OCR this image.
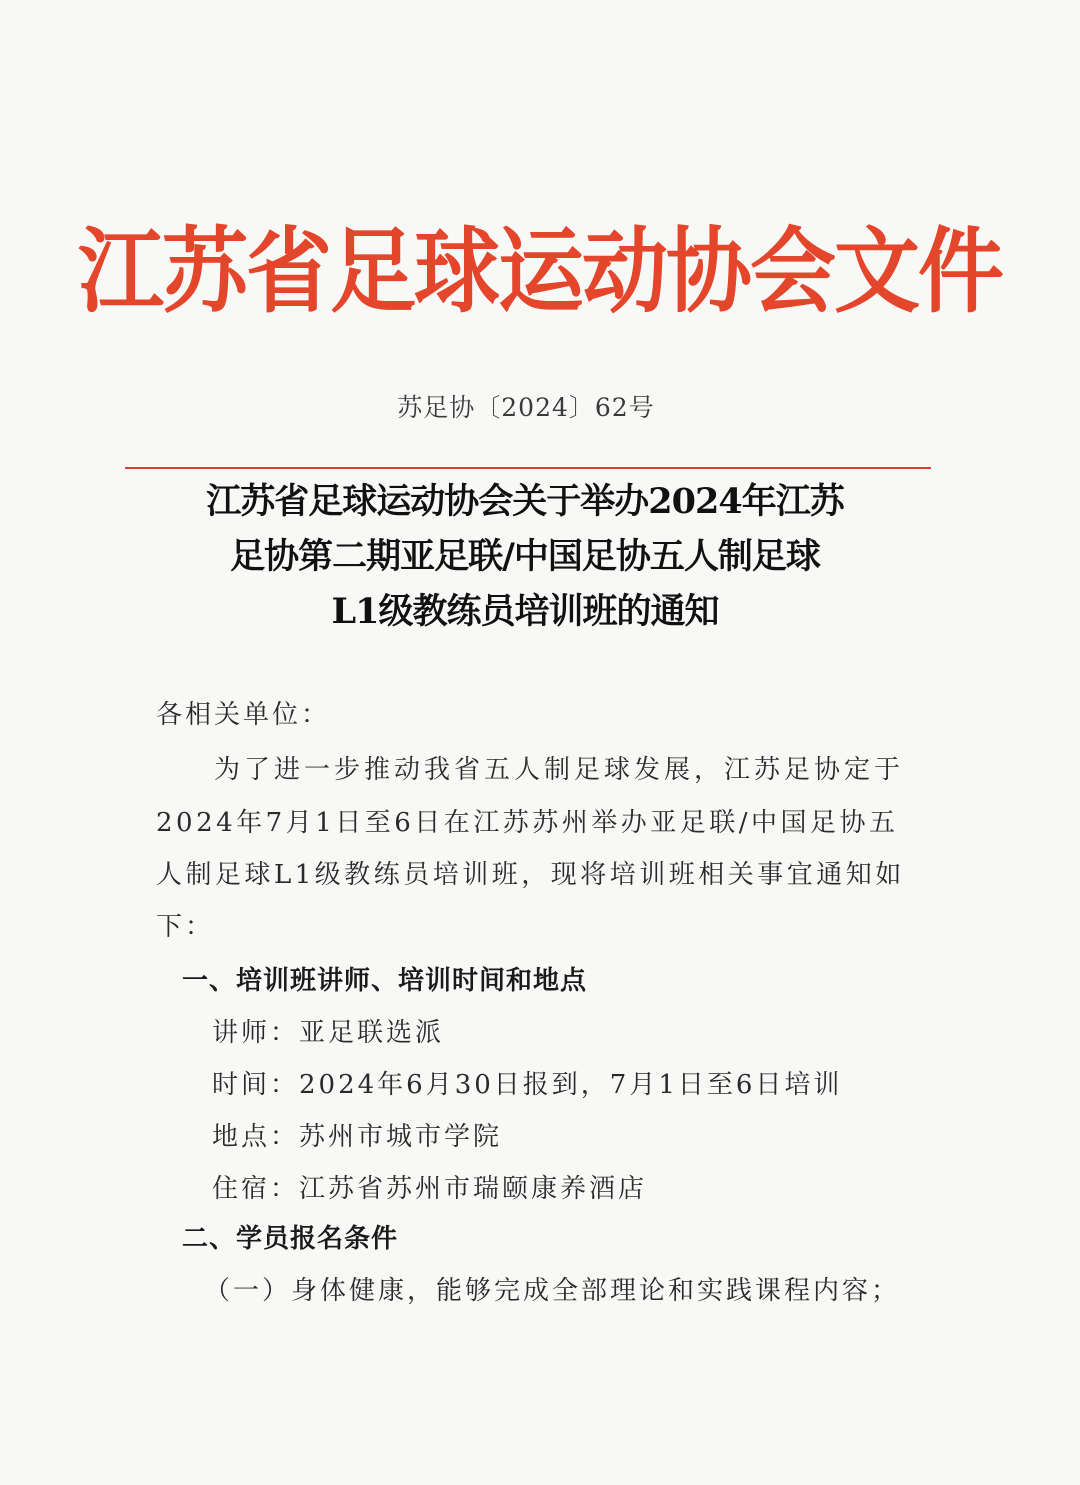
江苏省足球运动协会文件
苏足协〔2024〕62号
江苏省足球运动协会关于举办2024年江苏
足协第二期亚足联/中国足协五人制足球
L1级教练员培训班的通知
各相关单位：
为了进一步推动我省五人制足球发展，江苏足协定于
2024年7月1日至6日在江苏苏州举办亚足联/中国足协五
人制足球L1级教练员培训班，现将培训班相关事宜通知如
下：
一、培训班讲师、培训时间和地点
讲师：亚足联选派
时间：2024年6月30日报到，7月1日至6日培训
地点：苏州市城市学院
住宿：江苏省苏州市瑞颐康养酒店
二、学员报名条件
（一）身体健康，能够完成全部理论和实践课程内容；
